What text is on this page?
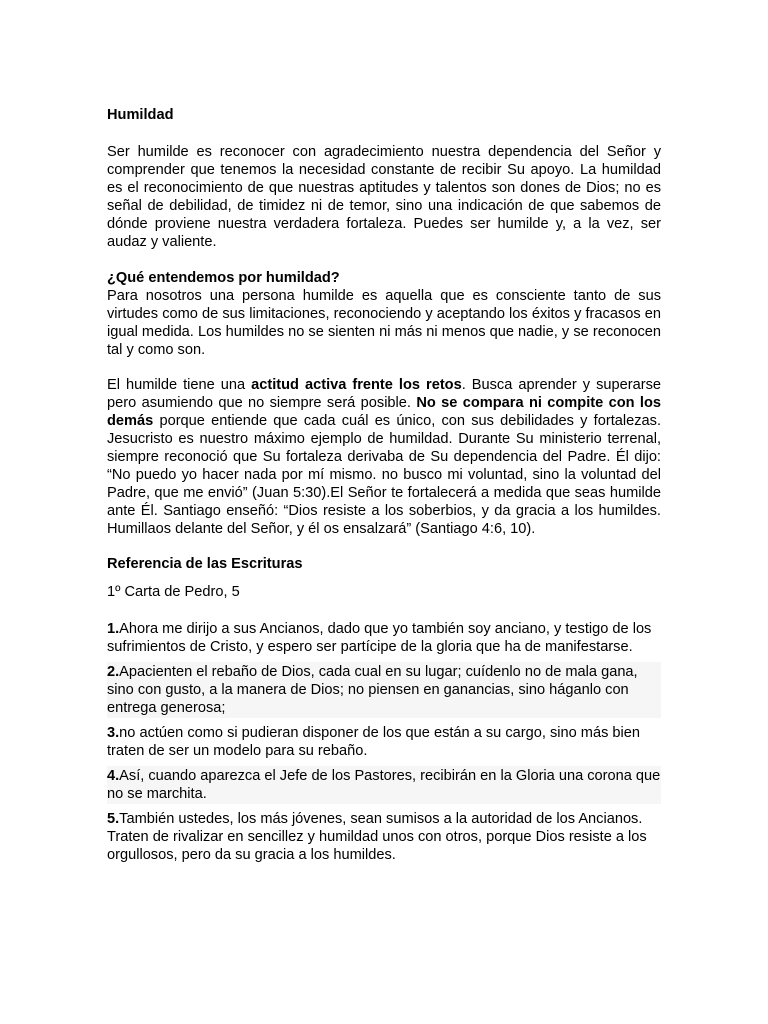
Humildad

Ser humilde es reconocer con agradecimiento nuestra dependencia del Señor y comprender que tenemos la necesidad constante de recibir Su apoyo. La humildad es el reconocimiento de que nuestras aptitudes y talentos son dones de Dios; no es señal de debilidad, de timidez ni de temor, sino una indicación de que sabemos de dónde proviene nuestra verdadera fortaleza. Puedes ser humilde y, a la vez, ser audaz y valiente.

¿Qué entendemos por humildad?

Para nosotros una persona humilde es aquella que es consciente tanto de sus virtudes como de sus limitaciones, reconociendo y aceptando los éxitos y fracasos en igual medida. Los humildes no se sienten ni más ni menos que nadie, y se reconocen tal y como son.

El humilde tiene una actitud activa frente los retos. Busca aprender y superarse pero asumiendo que no siempre será posible. No se compara ni compite con los demás porque entiende que cada cuál es único, con sus debilidades y fortalezas. Jesucristo es nuestro máximo ejemplo de humildad. Durante Su ministerio terrenal, siempre reconoció que Su fortaleza derivaba de Su dependencia del Padre. Él dijo: “No puedo yo hacer nada por mí mismo. no busco mi voluntad, sino la voluntad del Padre, que me envió” (Juan 5:30).El Señor te fortalecerá a medida que seas humilde ante Él. Santiago enseñó: “Dios resiste a los soberbios, y da gracia a los humildes. Humillaos delante del Señor, y él os ensalzará” (Santiago 4:6, 10).

Referencia de las Escrituras

1º Carta de Pedro, 5

1.Ahora me dirijo a sus Ancianos, dado que yo también soy anciano, y testigo de los sufrimientos de Cristo, y espero ser partícipe de la gloria que ha de manifestarse.

2.Apacienten el rebaño de Dios, cada cual en su lugar; cuídenlo no de mala gana, sino con gusto, a la manera de Dios; no piensen en ganancias, sino háganlo con entrega generosa;

3.no actúen como si pudieran disponer de los que están a su cargo, sino más bien traten de ser un modelo para su rebaño.

4.Así, cuando aparezca el Jefe de los Pastores, recibirán en la Gloria una corona que no se marchita.

5.También ustedes, los más jóvenes, sean sumisos a la autoridad de los Ancianos. Traten de rivalizar en sencillez y humildad unos con otros, porque Dios resiste a los orgullosos, pero da su gracia a los humildes.
